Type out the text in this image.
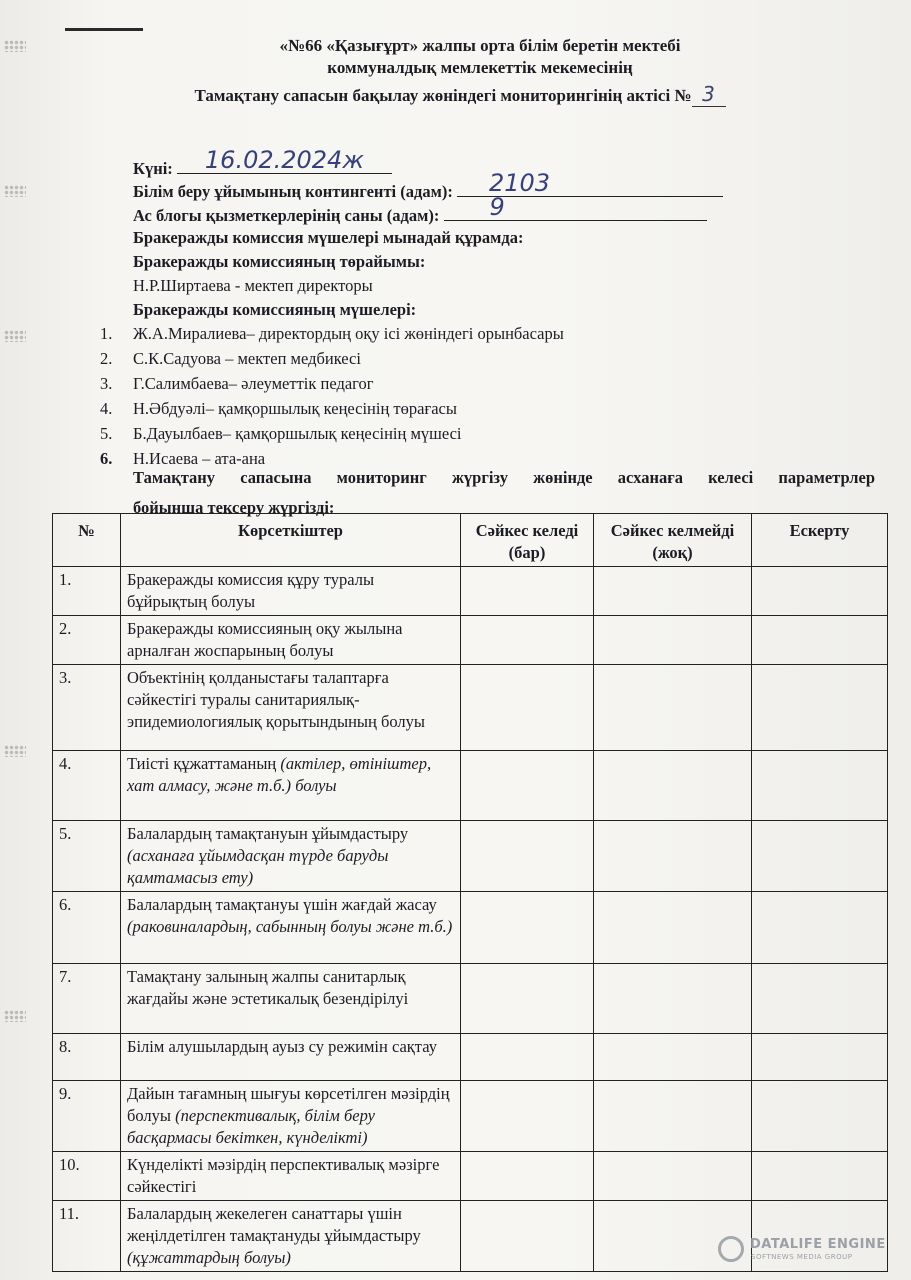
«№66 «Қазығұрт» жалпы орта білім беретін мектебі
коммуналдық мемлекеттік мекемесінің
Тамақтану сапасын бақылау жөніндегі мониторингінің актісі № 3
Күні:	16.02.2024ж
Білім беру ұйымының контингенті (адам):	2103
Ас блогы қызметкерлерінің саны (адам):	9
Бракеражды комиссия мүшелері мынадай құрамда:
Бракеражды комиссияның төрайымы:
Н.Р.Ширтаева - мектеп директоры
Бракеражды комиссияның мүшелері:
1. Ж.А.Миралиева– директордың оқу ісі жөніндегі орынбасары
2. С.К.Садуова – мектеп медбикесі
3. Г.Салимбаева– әлеуметтік педагог
4. Н.Әбдуәлі– қамқоршылық кеңесінің төрағасы
5. Б.Дауылбаев– қамқоршылық кеңесінің мүшесі
6. Н.Исаева – ата-ана
Тамақтану сапасына мониторинг жүргізу жөнінде асханаға келесі параметрлер
бойынша тексеру жүргізді:
№	Көрсеткіштер	Сәйкес келеді (бар)	Сәйкес келмейді (жоқ)	Ескерту
1.	Бракеражды комиссия құру туралы бұйрықтың болуы			
2.	Бракеражды комиссияның оқу жылына арналған жоспарының болуы			
3.	Объектінің қолданыстағы талаптарға сәйкестігі туралы санитариялық-эпидемиологиялық қорытындының болуы			
4.	Тиісті құжаттаманың (актілер, өтініштер, хат алмасу, және т.б.) болуы			
5.	Балалардың тамақтануын ұйымдастыру (асханаға ұйымдасқан түрде баруды қамтамасыз ету)			
6.	Балалардың тамақтануы үшін жағдай жасау (раковиналардың, сабынның болуы және т.б.)			
7.	Тамақтану залының жалпы санитарлық жағдайы және эстетикалық безендірілуі			
8.	Білім алушылардың ауыз су режимін сақтау			
9.	Дайын тағамның шығуы көрсетілген мәзірдің болуы (перспективалық, білім беру басқармасы бекіткен, күнделікті)			
10.	Күнделікті мәзірдің перспективалық мәзірге сәйкестігі			
11.	Балалардың жекелеген санаттары үшін жеңілдетілген тамақтануды ұйымдастыру (құжаттардың болуы)			
DATALIFE ENGINE
SOFTNEWS MEDIA GROUP
